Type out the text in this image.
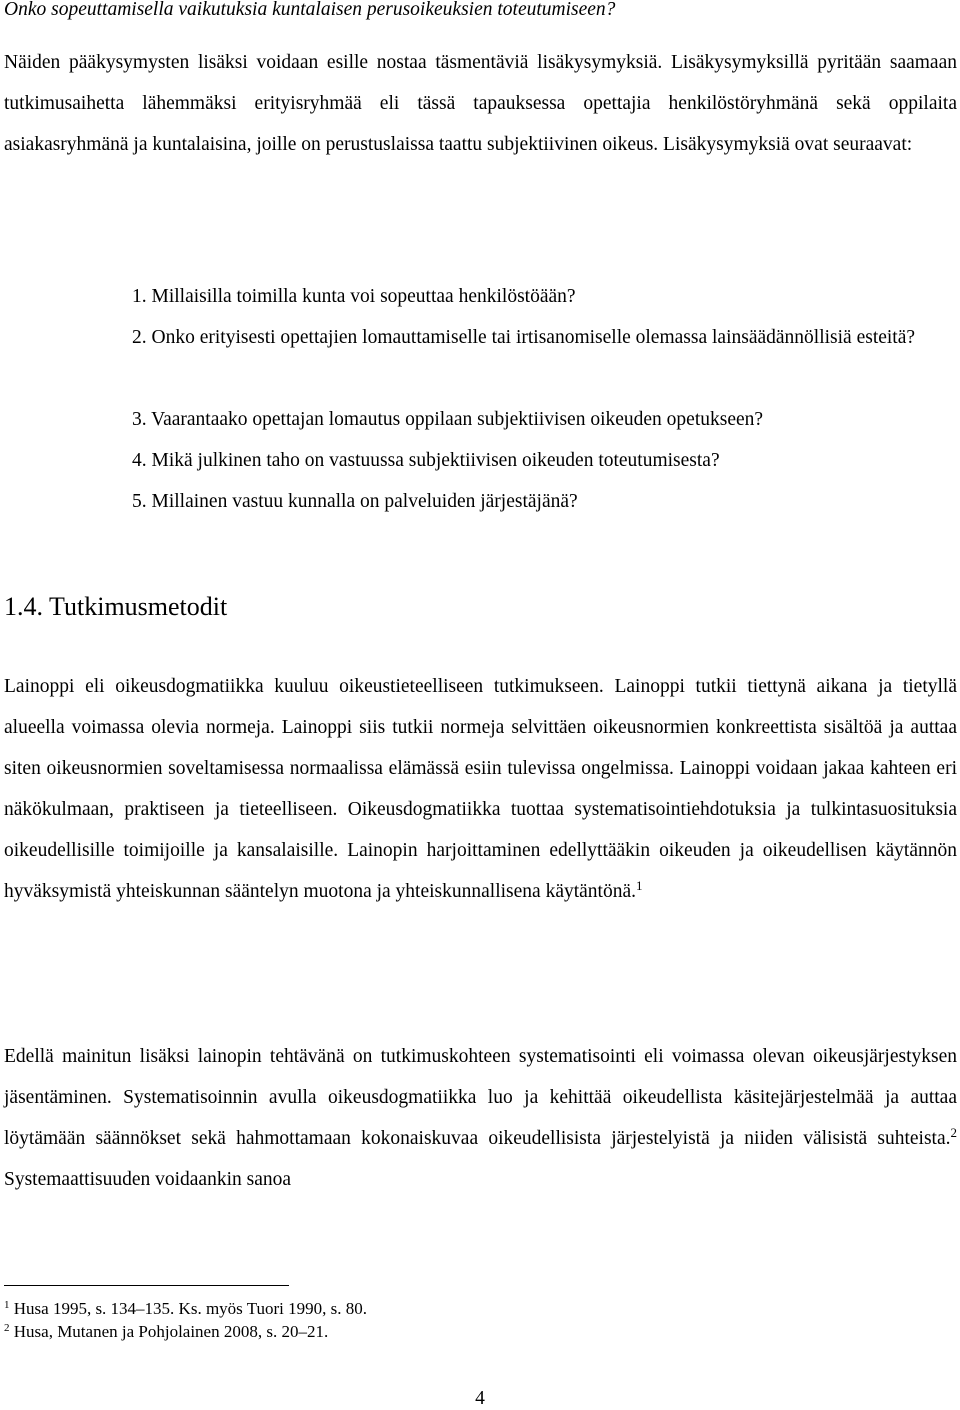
Onko sopeuttamisella vaikutuksia kuntalaisen perusoikeuksien toteutumiseen?
Näiden pääkysymysten lisäksi voidaan esille nostaa täsmentäviä lisäkysymyksiä. Lisäkysymyksillä pyritään saamaan tutkimusaihetta lähemmäksi erityisryhmää eli tässä tapauksessa opettajia henkilöstöryhmänä sekä oppilaita asiakasryhmänä ja kuntalaisina, joille on perustuslaissa taattu subjektiivinen oikeus. Lisäkysymyksiä ovat seuraavat:
1. Millaisilla toimilla kunta voi sopeuttaa henkilöstöään?
2. Onko erityisesti opettajien lomauttamiselle tai irtisanomiselle olemassa lainsäädännöllisiä esteitä?
3. Vaarantaako opettajan lomautus oppilaan subjektiivisen oikeuden opetukseen?
4. Mikä julkinen taho on vastuussa subjektiivisen oikeuden toteutumisesta?
5. Millainen vastuu kunnalla on palveluiden järjestäjänä?
1.4. Tutkimusmetodit
Lainoppi eli oikeusdogmatiikka kuuluu oikeustieteelliseen tutkimukseen. Lainoppi tutkii tiettynä aikana ja tietyllä alueella voimassa olevia normeja. Lainoppi siis tutkii normeja selvittäen oikeusnormien konkreettista sisältöä ja auttaa siten oikeusnormien soveltamisessa normaalissa elämässä esiin tulevissa ongelmissa. Lainoppi voidaan jakaa kahteen eri näkökulmaan, praktiseen ja tieteelliseen. Oikeusdogmatiikka tuottaa systematisointiehdotuksia ja tulkintasuosituksia oikeudellisille toimijoille ja kansalaisille. Lainopin harjoittaminen edellyttääkin oikeuden ja oikeudellisen käytännön hyväksymistä yhteiskunnan sääntelyn muotona ja yhteiskunnallisena käytäntönä.$^1$
Edellä mainitun lisäksi lainopin tehtävänä on tutkimuskohteen systematisointi eli voimassa olevan oikeusjärjestyksen jäsentäminen. Systematisoinnin avulla oikeusdogmatiikka luo ja kehittää oikeudellista käsitejärjestelmää ja auttaa löytämään säännökset sekä hahmottamaan kokonaiskuvaa oikeudellisista järjestelyistä ja niiden välisistä suhteista.$^2$ Systemaattisuuden voidaankin sanoa
$^1$ Husa 1995, s. 134–135. Ks. myös Tuori 1990, s. 80.
$^2$ Husa, Mutanen ja Pohjolainen 2008, s. 20–21.
4
